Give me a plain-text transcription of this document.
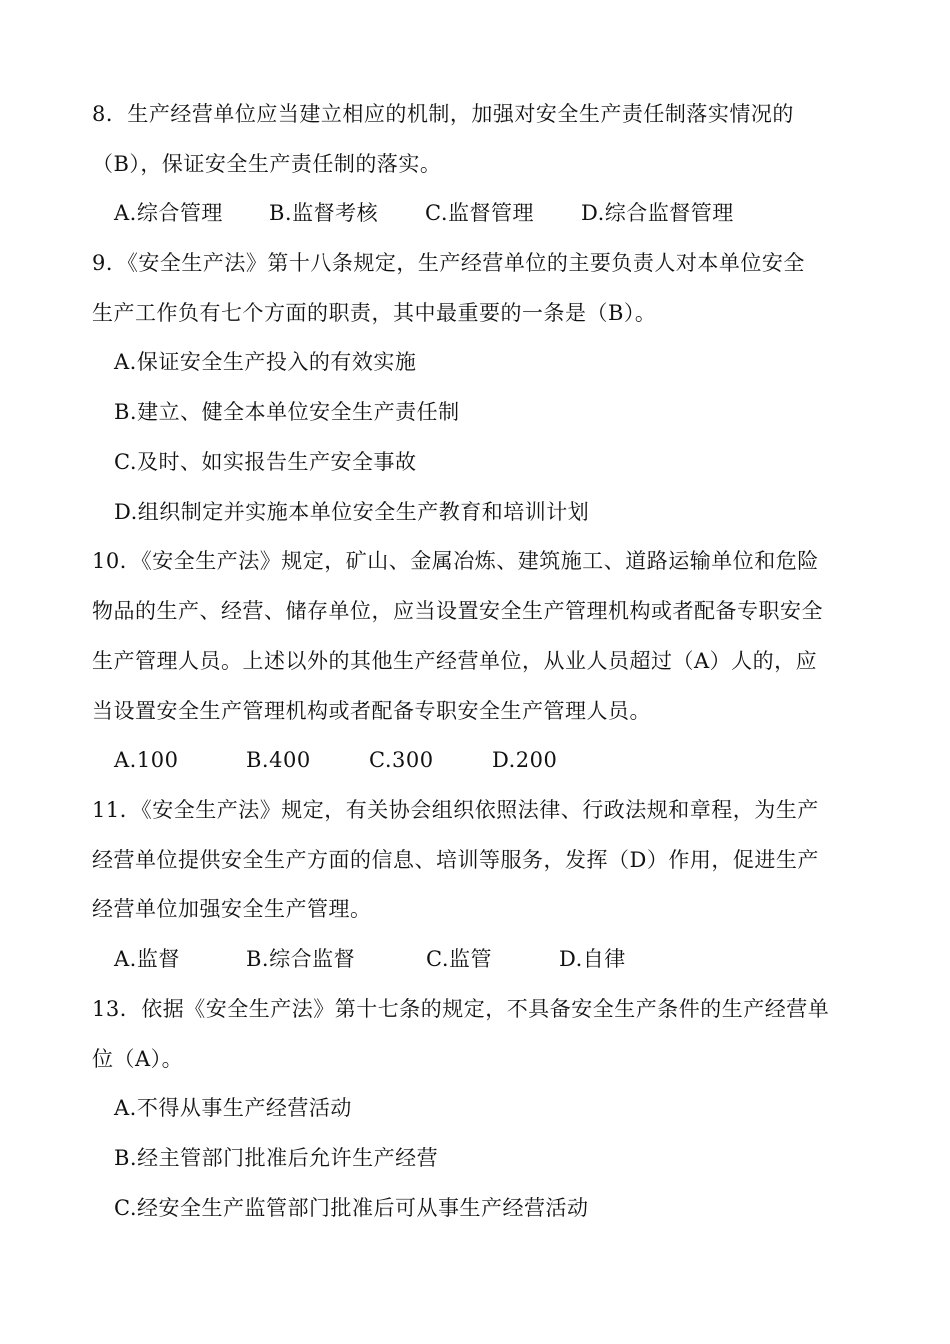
8．生产经营单位应当建立相应的机制，加强对安全生产责任制落实情况的
（B），保证安全生产责任制的落实。
A.综合管理 B.监督考核 C.监督管理 D.综合监督管理
9．《安全生产法》第十八条规定，生产经营单位的主要负责人对本单位安全
生产工作负有七个方面的职责，其中最重要的一条是（B）。
A.保证安全生产投入的有效实施
B.建立、健全本单位安全生产责任制
C.及时、如实报告生产安全事故
D.组织制定并实施本单位安全生产教育和培训计划
10．《安全生产法》规定，矿山、金属冶炼、建筑施工、道路运输单位和危险
物品的生产、经营、储存单位，应当设置安全生产管理机构或者配备专职安全
生产管理人员。上述以外的其他生产经营单位，从业人员超过（A）人的，应
当设置安全生产管理机构或者配备专职安全生产管理人员。
A.100	B.400	C.300	D.200
11．《安全生产法》规定，有关协会组织依照法律、行政法规和章程，为生产
经营单位提供安全生产方面的信息、培训等服务，发挥（D）作用，促进生产
经营单位加强安全生产管理。
A.监督	B.综合监督	C.监管	D.自律
13．依据《安全生产法》第十七条的规定，不具备安全生产条件的生产经营单
位（A）。
A.不得从事生产经营活动
B.经主管部门批准后允许生产经营
C.经安全生产监管部门批准后可从事生产经营活动
